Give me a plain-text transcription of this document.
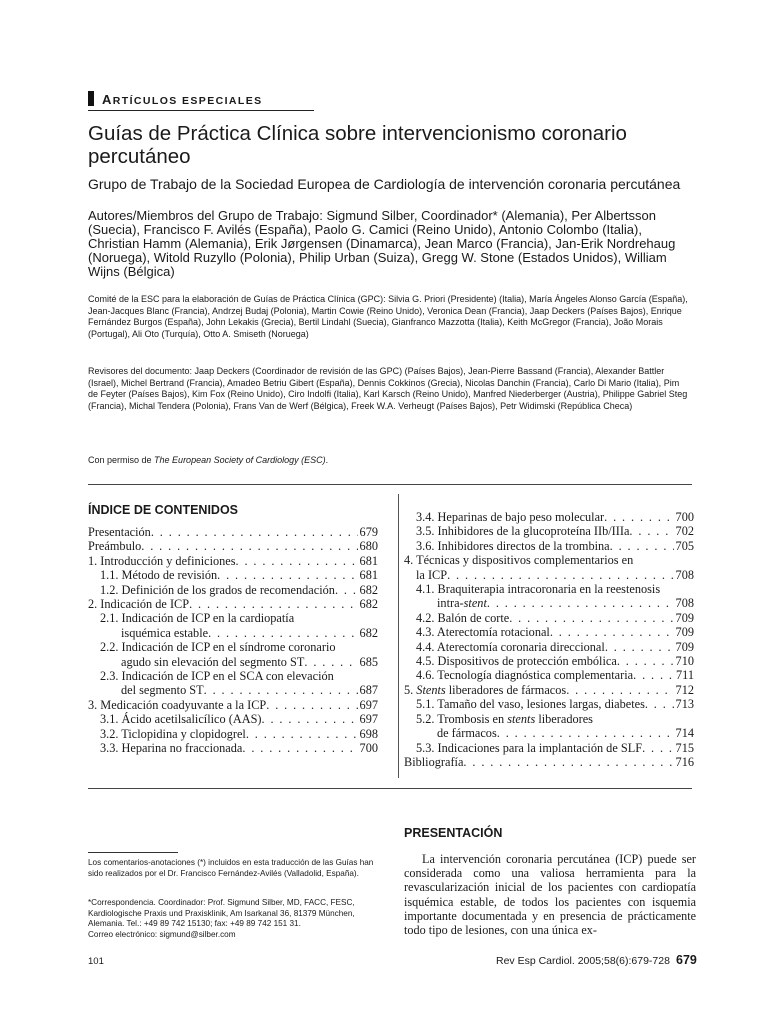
ARTÍCULOS ESPECIALES
Guías de Práctica Clínica sobre intervencionismo coronario percutáneo
Grupo de Trabajo de la Sociedad Europea de Cardiología de intervención coronaria percutánea
Autores/Miembros del Grupo de Trabajo: Sigmund Silber, Coordinador* (Alemania), Per Albertsson (Suecia), Francisco F. Avilés (España), Paolo G. Camici (Reino Unido), Antonio Colombo (Italia), Christian Hamm (Alemania), Erik Jørgensen (Dinamarca), Jean Marco (Francia), Jan-Erik Nordrehaug (Noruega), Witold Ruzyllo (Polonia), Philip Urban (Suiza), Gregg W. Stone (Estados Unidos), William Wijns (Bélgica)
Comité de la ESC para la elaboración de Guías de Práctica Clínica (GPC): Silvia G. Priori (Presidente) (Italia), María Ángeles Alonso García (España), Jean-Jacques Blanc (Francia), Andrzej Budaj (Polonia), Martin Cowie (Reino Unido), Veronica Dean (Francia), Jaap Deckers (Países Bajos), Enrique Fernández Burgos (España), John Lekakis (Grecia), Bertil Lindahl (Suecia), Gianfranco Mazzotta (Italia), Keith McGregor (Francia), João Morais (Portugal), Ali Oto (Turquía), Otto A. Smiseth (Noruega)
Revisores del documento: Jaap Deckers (Coordinador de revisión de las GPC) (Países Bajos), Jean-Pierre Bassand (Francia), Alexander Battler (Israel), Michel Bertrand (Francia), Amadeo Betriu Gibert (España), Dennis Cokkinos (Grecia), Nicolas Danchin (Francia), Carlo Di Mario (Italia), Pim de Feyter (Países Bajos), Kim Fox (Reino Unido), Ciro Indolfi (Italia), Karl Karsch (Reino Unido), Manfred Niederberger (Austria), Philippe Gabriel Steg (Francia), Michal Tendera (Polonia), Frans Van de Werf (Bélgica), Freek W.A. Verheugt (Países Bajos), Petr Widimski (República Checa)
Con permiso de The European Society of Cardiology (ESC).
ÍNDICE DE CONTENIDOS
Presentación . . .	679
Preámbulo . . .	680
1. Introducción y definiciones . . .	681
1.1. Método de revisión . . .	681
1.2. Definición de los grados de recomendación . . . 682
2. Indicación de ICP . . .	682
2.1. Indicación de ICP en la cardiopatía
isquémica estable . . .	682
2.2. Indicación de ICP en el síndrome coronario
agudo sin elevación del segmento ST . . .	685
2.3. Indicación de ICP en el SCA con elevación
del segmento ST . . .	687
3. Medicación coadyuvante a la ICP . . .	697
3.1. Ácido acetilsalicílico (AAS) . . .	697
3.2. Ticlopidina y clopidogrel . . .	698
3.3. Heparina no fraccionada . . .	700
3.4. Heparinas de bajo peso molecular . . .	700
3.5. Inhibidores de la glucoproteína IIb/IIIa . . .	702
3.6. Inhibidores directos de la trombina . . .	705
4. Técnicas y dispositivos complementarios en
la ICP . . .	708
4.1. Braquiterapia intracoronaria en la reestenosis
intra-stent . . .	708
4.2. Balón de corte . . .	709
4.3. Aterectomía rotacional . . .	709
4.4. Aterectomía coronaria direccional . . .	709
4.5. Dispositivos de protección embólica . . .	710
4.6. Tecnología diagnóstica complementaria . . .	711
5. Stents liberadores de fármacos . . .	712
5.1. Tamaño del vaso, lesiones largas, diabetes . . . 713
5.2. Trombosis en stents liberadores
de fármacos . . .	714
5.3. Indicaciones para la implantación de SLF . . .	715
Bibliografía . . .	716
Los comentarios-anotaciones (*) incluidos en esta traducción de las Guías han sido realizados por el Dr. Francisco Fernández-Avilés (Valladolid, España).
*Correspondencia. Coordinador: Prof. Sigmund Silber, MD, FACC, FESC, Kardiologische Praxis und Praxisklinik, Am Isarkanal 36, 81379 München, Alemania. Tel.: +49 89 742 15130; fax: +49 89 742 151 31.
Correo electrónico: sigmund@silber.com
PRESENTACIÓN
La intervención coronaria percutánea (ICP) puede ser considerada como una valiosa herramienta para la revascularización inicial de los pacientes con cardiopatía isquémica estable, de todos los pacientes con isquemia importante documentada y en presencia de prácticamente todo tipo de lesiones, con una única ex-
101	Rev Esp Cardiol. 2005;58(6):679-728 679
